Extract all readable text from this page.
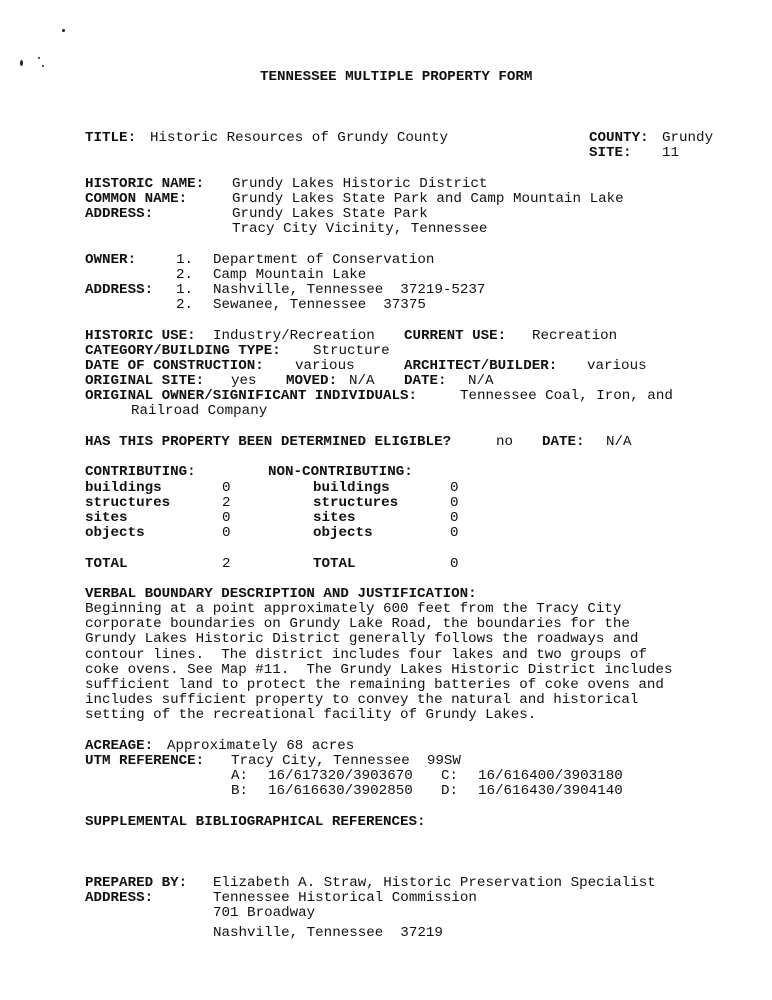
TENNESSEE MULTIPLE PROPERTY FORM
TITLE: Historic Resources of Grundy County	COUNTY: Grundy
SITE: 11
HISTORIC NAME: Grundy Lakes Historic District
COMMON NAME:	Grundy Lakes State Park and Camp Mountain Lake
ADDRESS:	Grundy Lakes State Park
Tracy City Vicinity, Tennessee
OWNER:	1. Department of Conservation
2. Camp Mountain Lake
ADDRESS: 1. Nashville, Tennessee  37219-5237
2. Sewanee, Tennessee  37375
HISTORIC USE: Industry/Recreation CURRENT USE: Recreation
CATEGORY/BUILDING TYPE: Structure
DATE OF CONSTRUCTION: various	ARCHITECT/BUILDER: various
ORIGINAL SITE: yes MOVED: N/A DATE: N/A
ORIGINAL OWNER/SIGNIFICANT INDIVIDUALS:	Tennessee Coal, Iron, and
Railroad Company
HAS THIS PROPERTY BEEN DETERMINED ELIGIBLE?	no DATE: N/A
CONTRIBUTING:	NON-CONTRIBUTING:
buildings	0	buildings	0
structures	2	structures	0
sites	0	sites	0
objects	0	objects	0
TOTAL	2	TOTAL	0
VERBAL BOUNDARY DESCRIPTION AND JUSTIFICATION:
Beginning at a point approximately 600 feet from the Tracy City
corporate boundaries on Grundy Lake Road, the boundaries for the
Grundy Lakes Historic District generally follows the roadways and
contour lines.  The district includes four lakes and two groups of
coke ovens. See Map #11.  The Grundy Lakes Historic District includes
sufficient land to protect the remaining batteries of coke ovens and
includes sufficient property to convey the natural and historical
setting of the recreational facility of Grundy Lakes.
ACREAGE: Approximately 68 acres
UTM REFERENCE: Tracy City, Tennessee  99SW
A: 16/617320/3903670 C: 16/616400/3903180
B: 16/616630/3902850 D: 16/616430/3904140
SUPPLEMENTAL BIBLIOGRAPHICAL REFERENCES:
PREPARED BY: Elizabeth A. Straw, Historic Preservation Specialist
ADDRESS:	Tennessee Historical Commission
701 Broadway
Nashville, Tennessee  37219
